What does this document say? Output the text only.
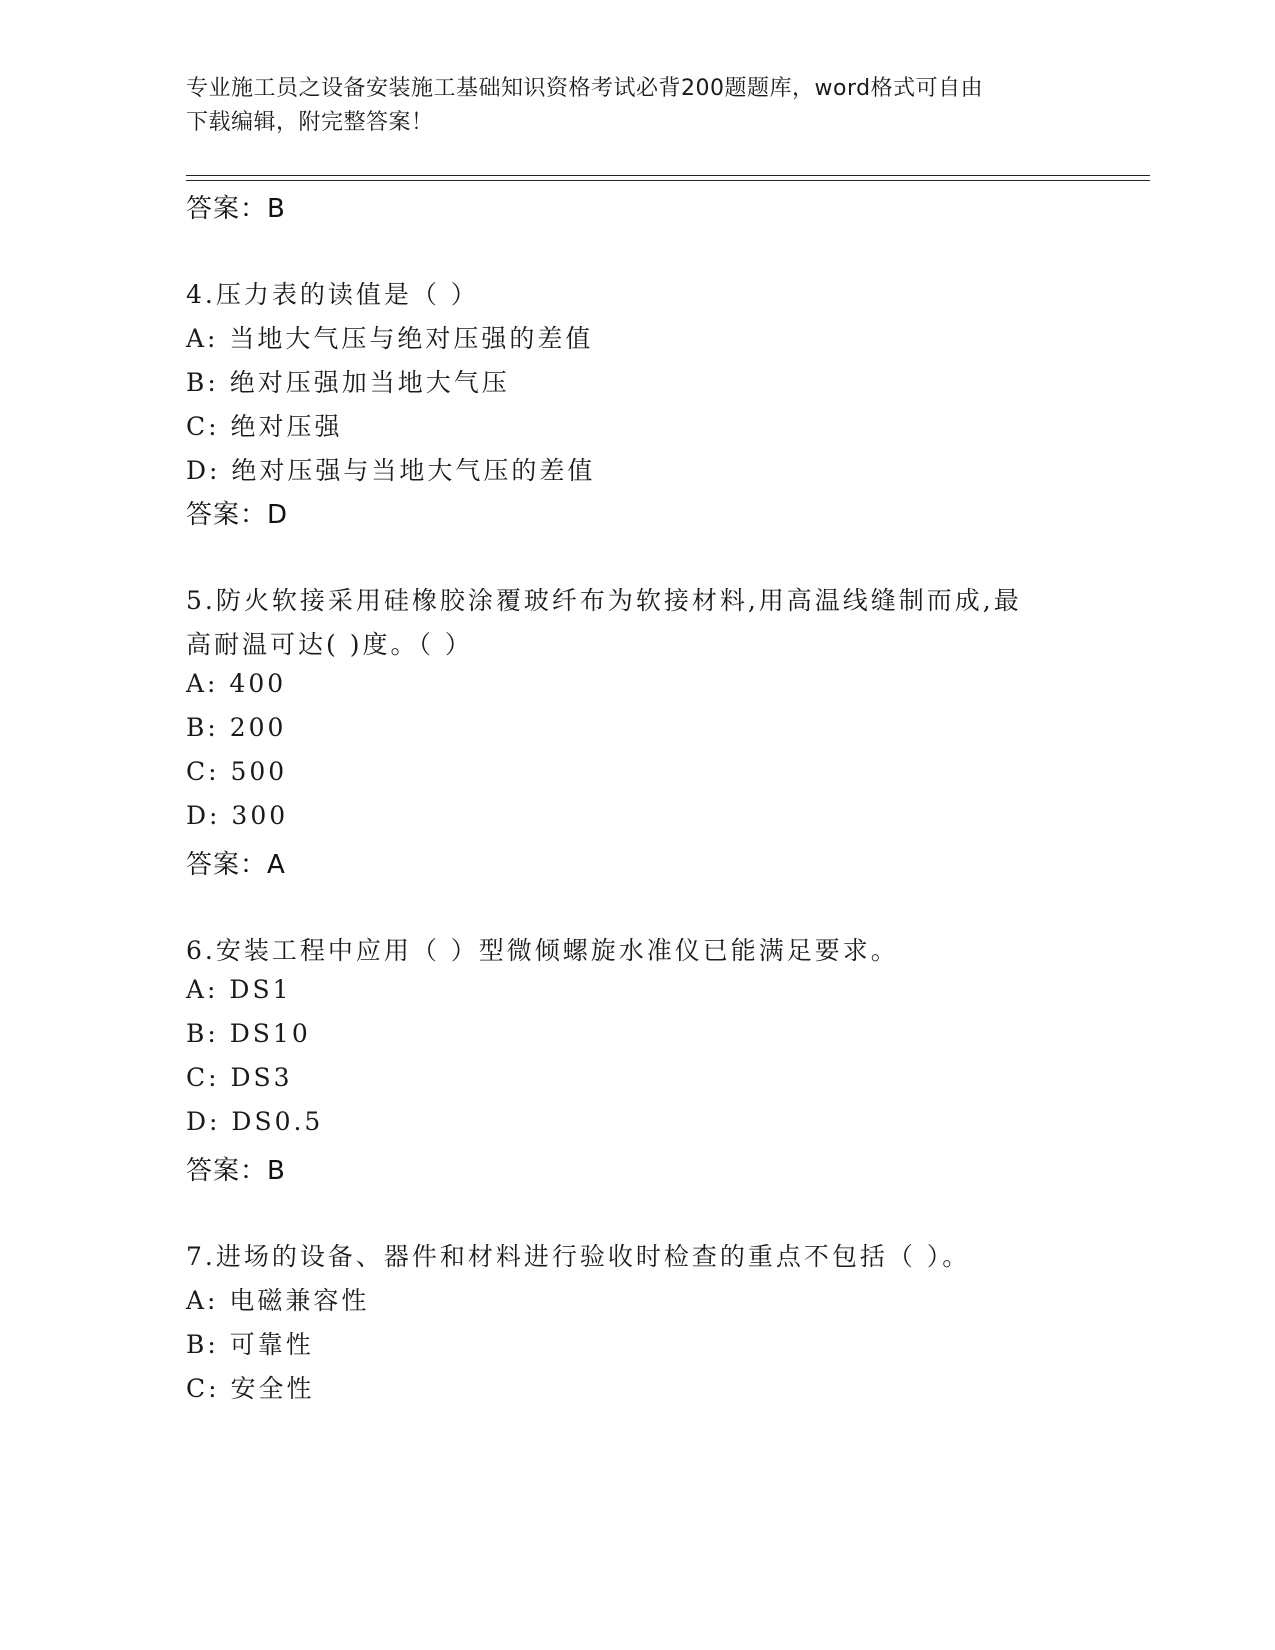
专业施工员之设备安装施工基础知识资格考试必背200题题库，word格式可自由
下载编辑，附完整答案！
答案：B
4.压力表的读值是（ ）
A: 当地大气压与绝对压强的差值
B: 绝对压强加当地大气压
C: 绝对压强
D: 绝对压强与当地大气压的差值
答案：D
5.防火软接采用硅橡胶涂覆玻纤布为软接材料,用高温线缝制而成,最
高耐温可达( )度。（ ）
A: 400
B: 200
C: 500
D: 300
答案：A
6.安装工程中应用（ ）型微倾螺旋水准仪已能满足要求。
A: DS1
B: DS10
C: DS3
D: DS0.5
答案：B
7.进场的设备、器件和材料进行验收时检查的重点不包括（ ）。
A: 电磁兼容性
B: 可靠性
C: 安全性
